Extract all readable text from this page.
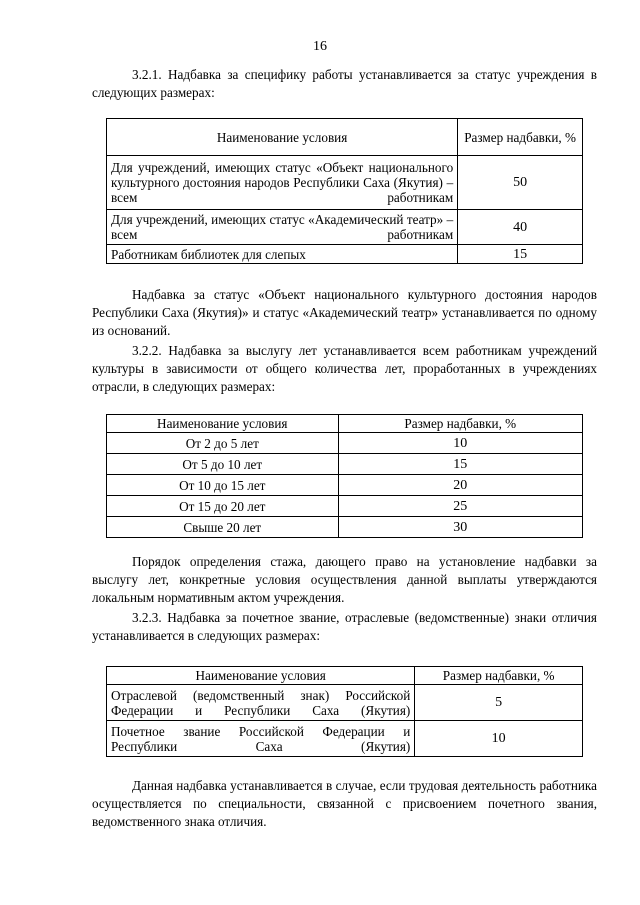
16

3.2.1. Надбавка за специфику работы устанавливается за статус учреждения в следующих размерах:

Наименование условия	Размер надбавки, %
Для учреждений, имеющих статус «Объект национального культурного достояния народов Республики Саха (Якутия) – всем работникам	50
Для учреждений, имеющих статус «Академический театр» – всем работникам	40
Работникам библиотек для слепых	15

Надбавка за статус «Объект национального культурного достояния народов Республики Саха (Якутия)» и статус «Академический театр» устанавливается по одному из оснований.

3.2.2. Надбавка за выслугу лет устанавливается всем работникам учреждений культуры в зависимости от общего количества лет, проработанных в учреждениях отрасли, в следующих размерах:

Наименование условия	Размер надбавки, %
От 2 до 5 лет	10
От 5 до 10 лет	15
От 10 до 15 лет	20
От 15 до 20 лет	25
Свыше 20 лет	30

Порядок определения стажа, дающего право на установление надбавки за выслугу лет, конкретные условия осуществления данной выплаты утверждаются локальным нормативным актом учреждения.

3.2.3. Надбавка за почетное звание, отраслевые (ведомственные) знаки отличия устанавливается в следующих размерах:

Наименование условия	Размер надбавки, %
Отраслевой (ведомственный знак) Российской Федерации и Республики Саха (Якутия)	5
Почетное звание Российской Федерации и Республики Саха (Якутия)	10

Данная надбавка устанавливается в случае, если трудовая деятельность работника осуществляется по специальности, связанной с присвоением почетного звания, ведомственного знака отличия.
